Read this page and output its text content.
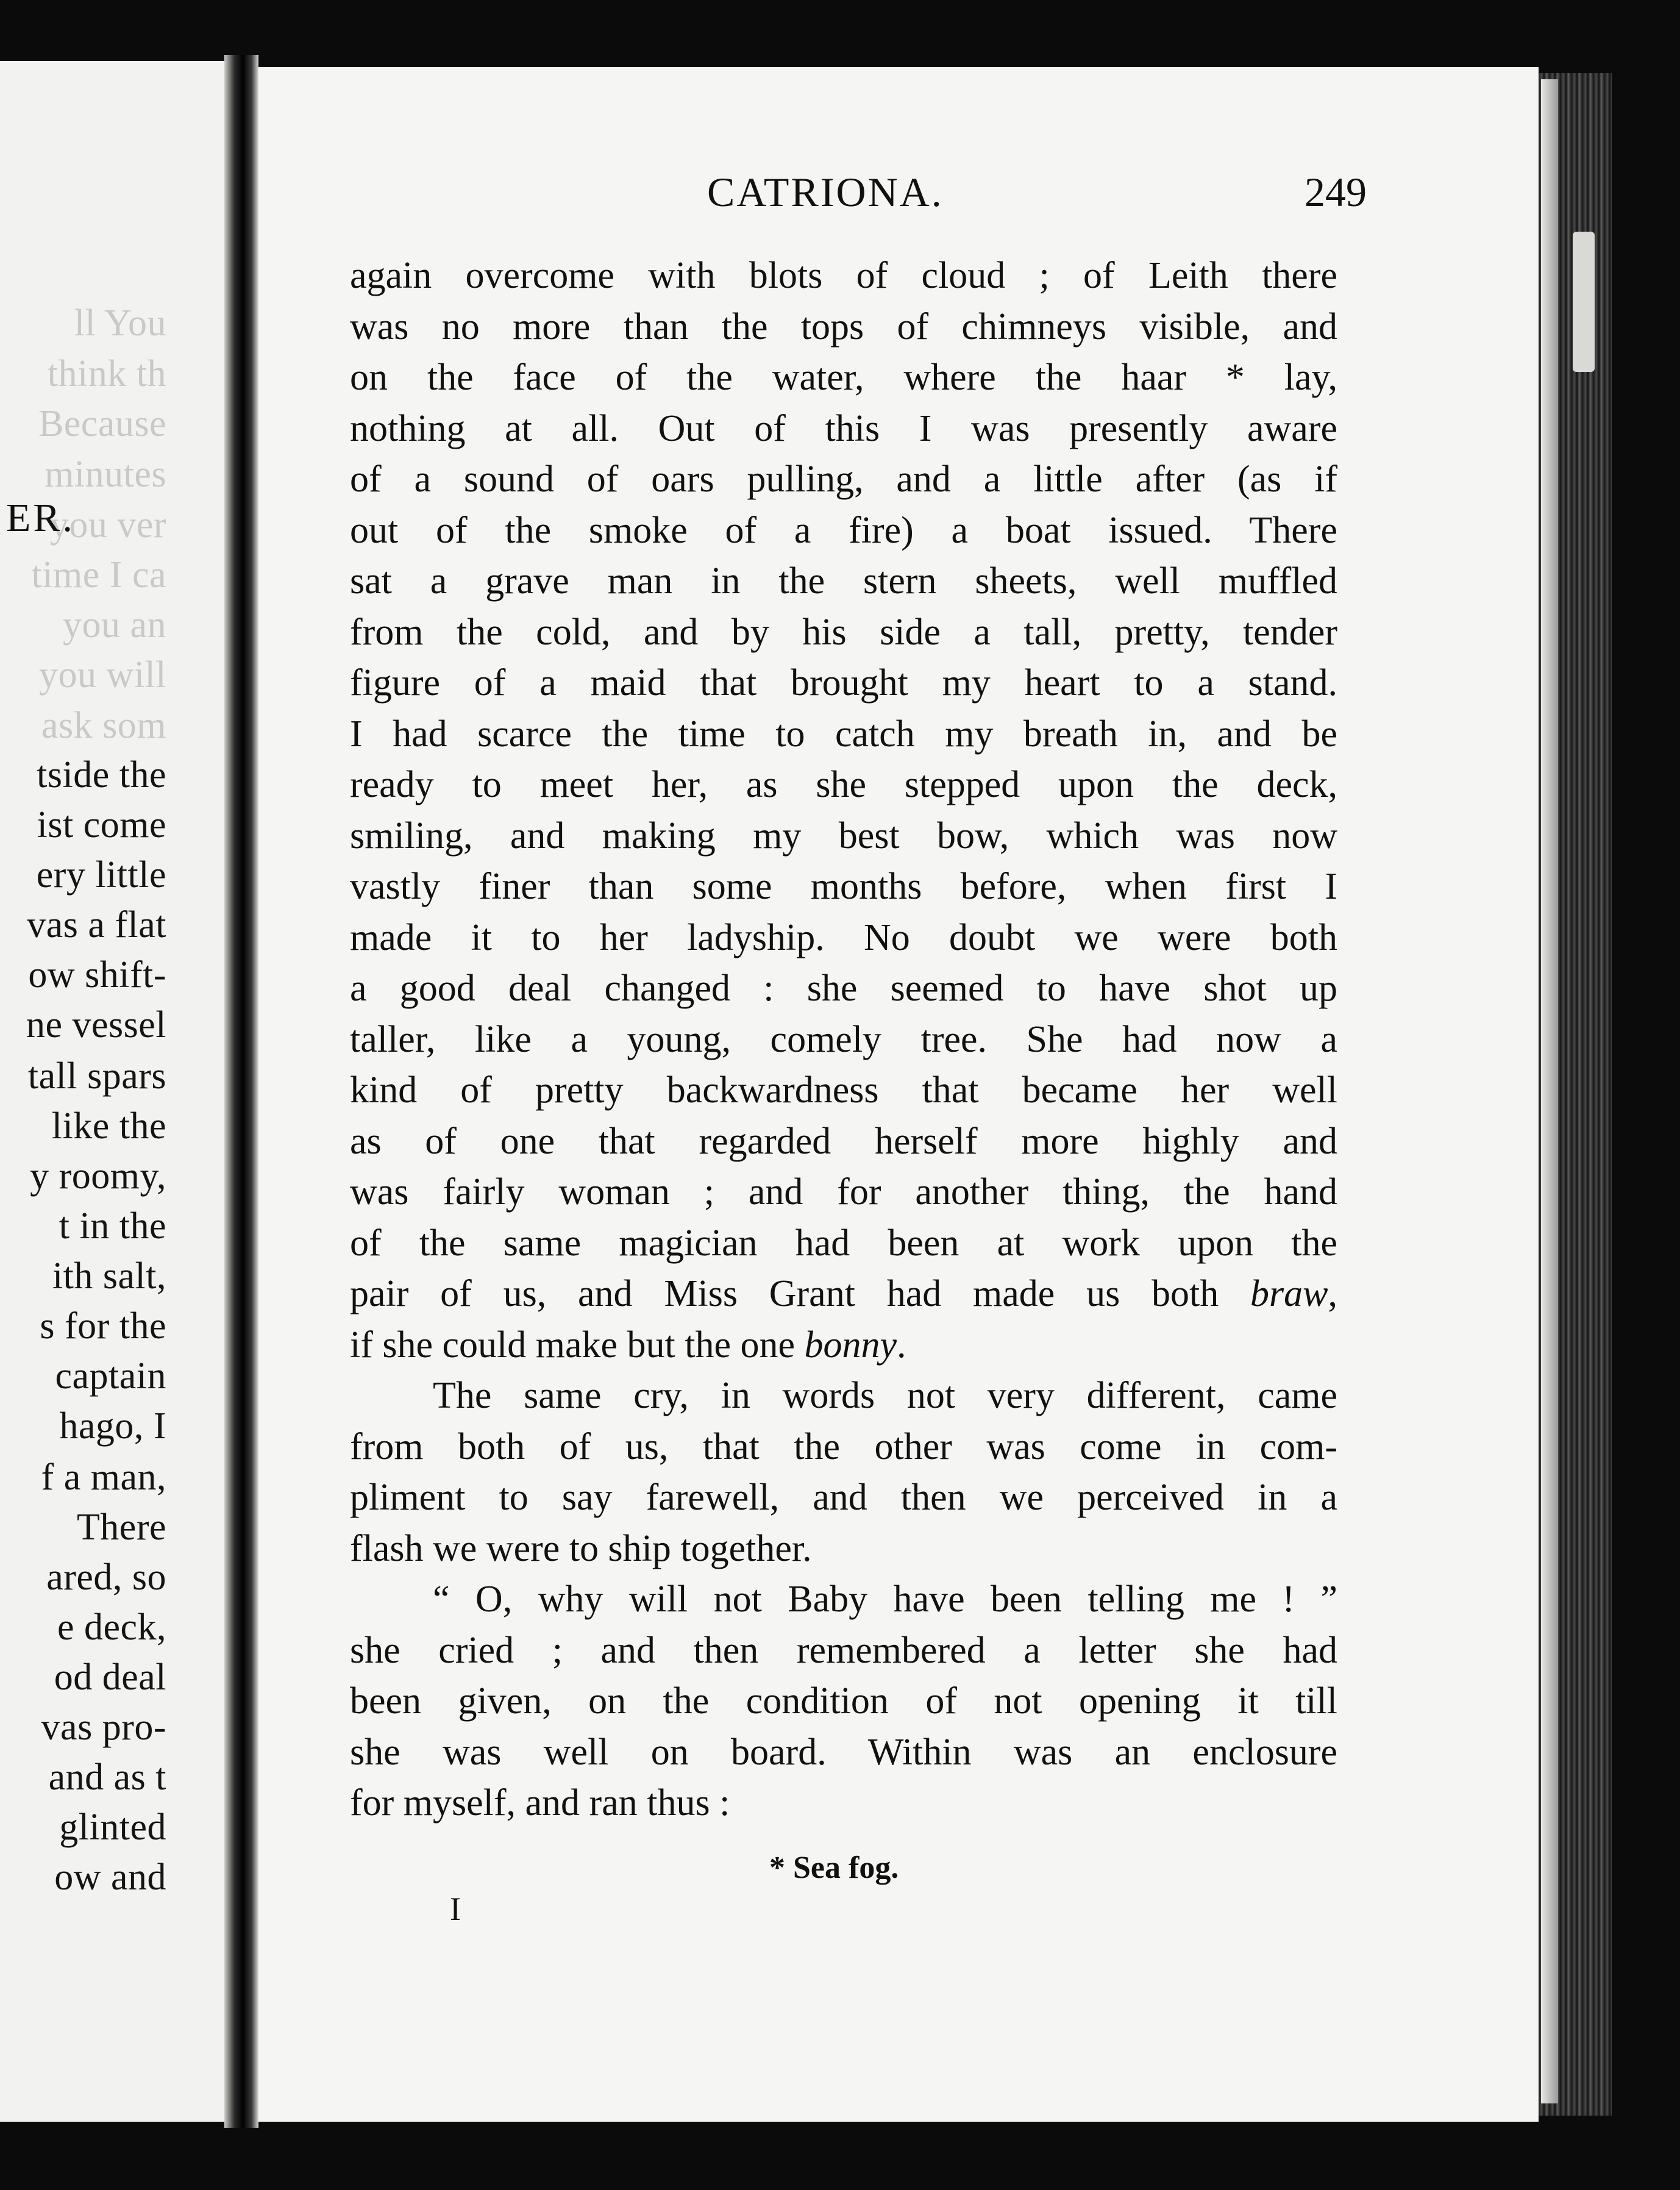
ll You
think th
Because
minutes
you ver
time I ca
you an
you will
ask som
tside the
ist come
ery little
vas a flat
ow shift-
ne vessel
tall spars
like the
y roomy,
t in the
ith salt,
s for the
captain
hago, I
f a man,
There
ared, so
e deck,
od deal
vas pro-
and as t
glinted
ow and
ER.
CATRIONA.	249
again overcome with blots of cloud ; of Leith there
was no more than the tops of chimneys visible, and
on the face of the water, where the haar * lay,
nothing at all. Out of this I was presently aware
of a sound of oars pulling, and a little after (as if
out of the smoke of a fire) a boat issued. There
sat a grave man in the stern sheets, well muffled
from the cold, and by his side a tall, pretty, tender
figure of a maid that brought my heart to a stand.
I had scarce the time to catch my breath in, and be
ready to meet her, as she stepped upon the deck,
smiling, and making my best bow, which was now
vastly finer than some months before, when first I
made it to her ladyship. No doubt we were both
a good deal changed : she seemed to have shot up
taller, like a young, comely tree. She had now a
kind of pretty backwardness that became her well
as of one that regarded herself more highly and
was fairly woman ; and for another thing, the hand
of the same magician had been at work upon the
pair of us, and Miss Grant had made us both braw,
if she could make but the one bonny.
The same cry, in words not very different, came
from both of us, that the other was come in com-
pliment to say farewell, and then we perceived in a
flash we were to ship together.
“ O, why will not Baby have been telling me ! ”
she cried ; and then remembered a letter she had
been given, on the condition of not opening it till
she was well on board. Within was an enclosure
for myself, and ran thus :
* Sea fog.
I
